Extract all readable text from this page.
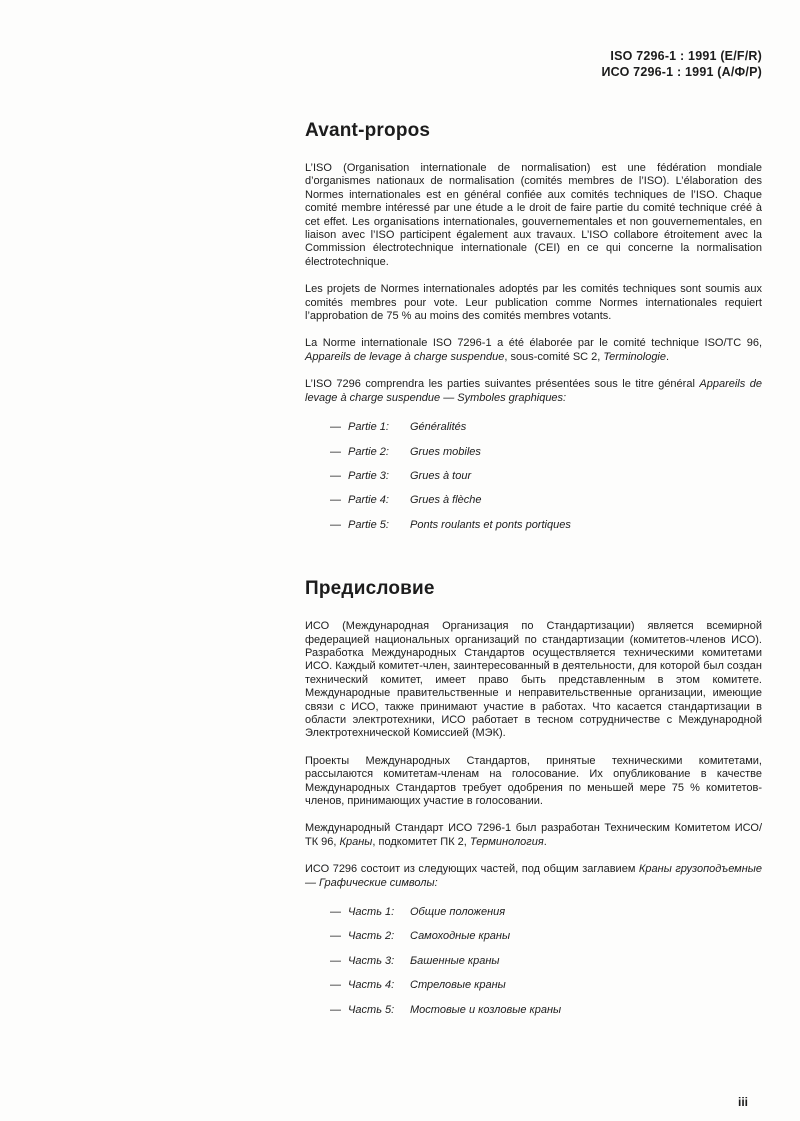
ISO 7296-1 : 1991 (E/F/R)
ИСО 7296-1 : 1991 (А/Ф/Р)
Avant-propos

L’ISO (Organisation internationale de normalisation) est une fédération mondiale d’organismes nationaux de normalisation (comités membres de l’ISO). L’élaboration des Normes internationales est en général confiée aux comités techniques de l’ISO. Chaque comité membre intéressé par une étude a le droit de faire partie du comité technique créé à cet effet. Les organisations internationales, gouvernementales et non gouvernementales, en liaison avec l’ISO participent également aux travaux. L’ISO collabore étroitement avec la Commission électrotechnique internationale (CEI) en ce qui concerne la normalisation électrotechnique.

Les projets de Normes internationales adoptés par les comités techniques sont soumis aux comités membres pour vote. Leur publication comme Normes internationales requiert l’approbation de 75 % au moins des comités membres votants.

La Norme internationale ISO 7296-1 a été élaborée par le comité technique ISO/TC 96, Appareils de levage à charge suspendue, sous-comité SC 2, Terminologie.

L’ISO 7296 comprendra les parties suivantes présentées sous le titre général Appareils de levage à charge suspendue — Symboles graphiques:

— Partie 1:	Généralités
— Partie 2:	Grues mobiles
— Partie 3:	Grues à tour
— Partie 4:	Grues à flèche
— Partie 5:	Ponts roulants et ponts portiques
Предисловие

ИСО (Международная Организация по Стандартизации) является всемирной федерацией национальных организаций по стандартизации (комитетов-членов ИСО). Разработка Международных Стандартов осуществляется техническими комитетами ИСО. Каждый комитет-член, заинтересованный в деятельности, для которой был создан технический комитет, имеет право быть представленным в этом комитете. Международные правительственные и неправительственные организации, имеющие связи с ИСО, также принимают участие в работах. Что касается стандартизации в области электротехники, ИСО работает в тесном сотрудничестве с Международной Электротехнической Комиссией (МЭК).

Проекты Международных Стандартов, принятые техническими комитетами, рассылаются комитетам-членам на голосование. Их опубликование в качестве Международных Стандартов требует одобрения по меньшей мере 75 % комитетов-членов, принимающих участие в голосовании.

Международный Стандарт ИСО 7296-1 был разработан Техническим Комитетом ИСО/ТК 96, Краны, подкомитет ПК 2, Терминология.

ИСО 7296 состоит из следующих частей, под общим заглавием Краны грузоподъемные — Графические символы:

— Часть 1:	Общие положения
— Часть 2:	Самоходные краны
— Часть 3:	Башенные краны
— Часть 4:	Стреловые краны
— Часть 5:	Мостовые и козловые краны
iii
